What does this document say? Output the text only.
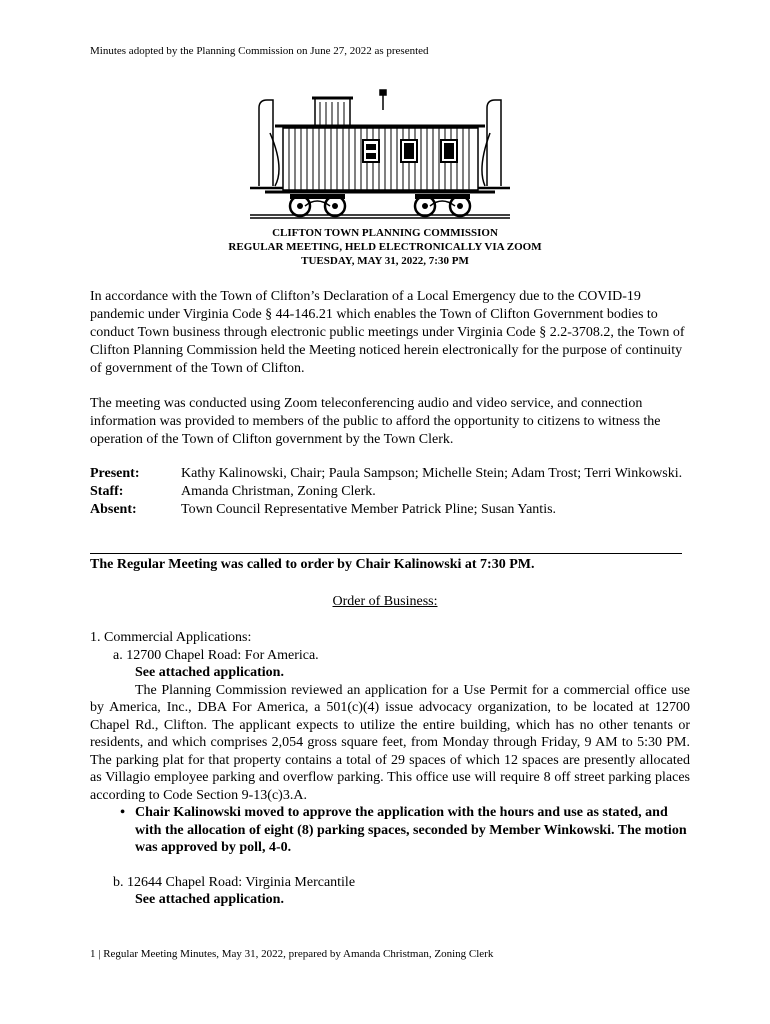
Minutes adopted by the Planning Commission on June 27, 2022 as presented
CLIFTON TOWN PLANNING COMMISSION
REGULAR MEETING, HELD ELECTRONICALLY VIA ZOOM
TUESDAY, MAY 31, 2022, 7:30 PM

In accordance with the Town of Clifton’s Declaration of a Local Emergency due to the COVID-19 pandemic under Virginia Code § 44-146.21 which enables the Town of Clifton Government bodies to conduct Town business through electronic public meetings under Virginia Code § 2.2-3708.2, the Town of Clifton Planning Commission held the Meeting noticed herein electronically for the purpose of continuity of government of the Town of Clifton.

The meeting was conducted using Zoom teleconferencing audio and video service, and connection information was provided to members of the public to afford the opportunity to citizens to witness the operation of the Town of Clifton government by the Town Clerk.

Present:	Kathy Kalinowski, Chair; Paula Sampson; Michelle Stein; Adam Trost; Terri Winkowski.
Staff:	Amanda Christman, Zoning Clerk.
Absent:	Town Council Representative Member Patrick Pline; Susan Yantis.
The Regular Meeting was called to order by Chair Kalinowski at 7:30 PM.
Order of Business:
1. Commercial Applications:
a. 12700 Chapel Road: For America.
See attached application.
The Planning Commission reviewed an application for a Use Permit for a commercial office use by America, Inc., DBA For America, a 501(c)(4) issue advocacy organization, to be located at 12700 Chapel Rd., Clifton. The applicant expects to utilize the entire building, which has no other tenants or residents, and which comprises 2,054 gross square feet, from Monday through Friday, 9 AM to 5:30 PM. The parking plat for that property contains a total of 29 spaces of which 12 spaces are presently allocated as Villagio employee parking and overflow parking. This office use will require 8 off street parking places according to Code Section 9-13(c)3.A.
• Chair Kalinowski moved to approve the application with the hours and use as stated, and with the allocation of eight (8) parking spaces, seconded by Member Winkowski. The motion was approved by poll, 4-0.
b. 12644 Chapel Road: Virginia Mercantile
See attached application.
1 | Regular Meeting Minutes, May 31, 2022, prepared by Amanda Christman, Zoning Clerk
